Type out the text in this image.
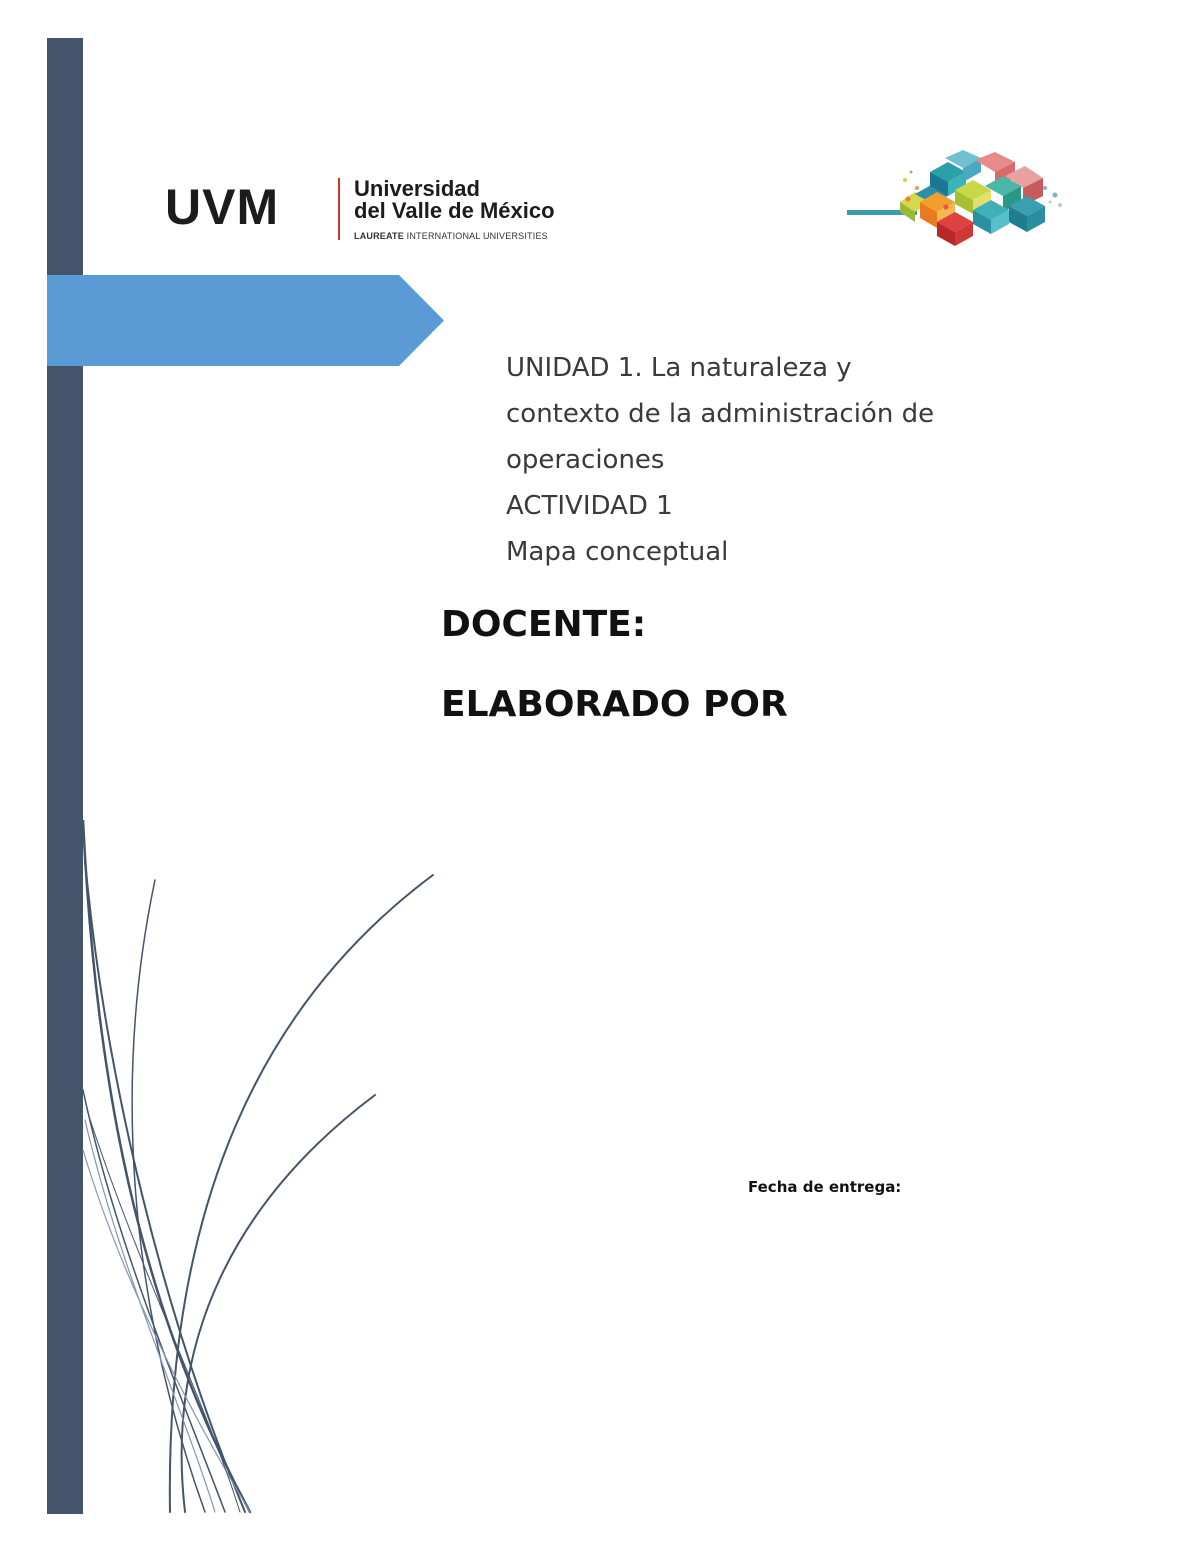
UVM	Universidad
del Valle de México
LAUREATE INTERNATIONAL UNIVERSITIES
UNIDAD 1. La naturaleza y
contexto de la administración de
operaciones
ACTIVIDAD 1
Mapa conceptual
DOCENTE:
ELABORADO POR
Fecha de entrega:
